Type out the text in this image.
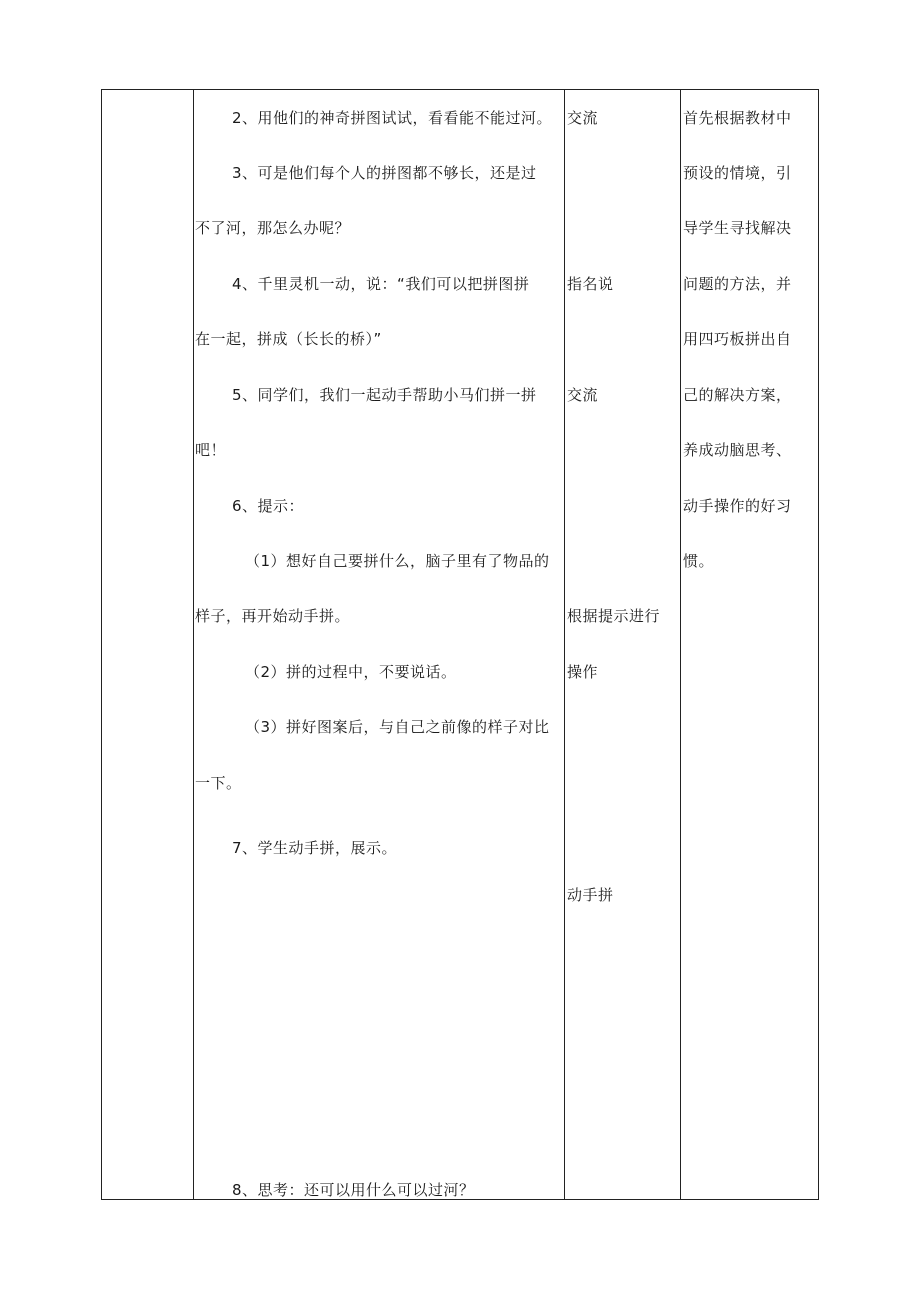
2、用他们的神奇拼图试试，看看能不能过河。
3、可是他们每个人的拼图都不够长，还是过
不了河，那怎么办呢？
4、千里灵机一动，说：“我们可以把拼图拼
在一起，拼成（长长的桥）”
5、同学们，我们一起动手帮助小马们拼一拼
吧！
6、提示：
（1）想好自己要拼什么，脑子里有了物品的
样子，再开始动手拼。
（2）拼的过程中，不要说话。
（3）拼好图案后，与自己之前像的样子对比
一下。
7、学生动手拼，展示。
8、思考：还可以用什么可以过河？
交流
指名说
交流
根据提示进行
操作
动手拼
首先根据教材中
预设的情境，引
导学生寻找解决
问题的方法，并
用四巧板拼出自
己的解决方案，
养成动脑思考、
动手操作的好习
惯。
